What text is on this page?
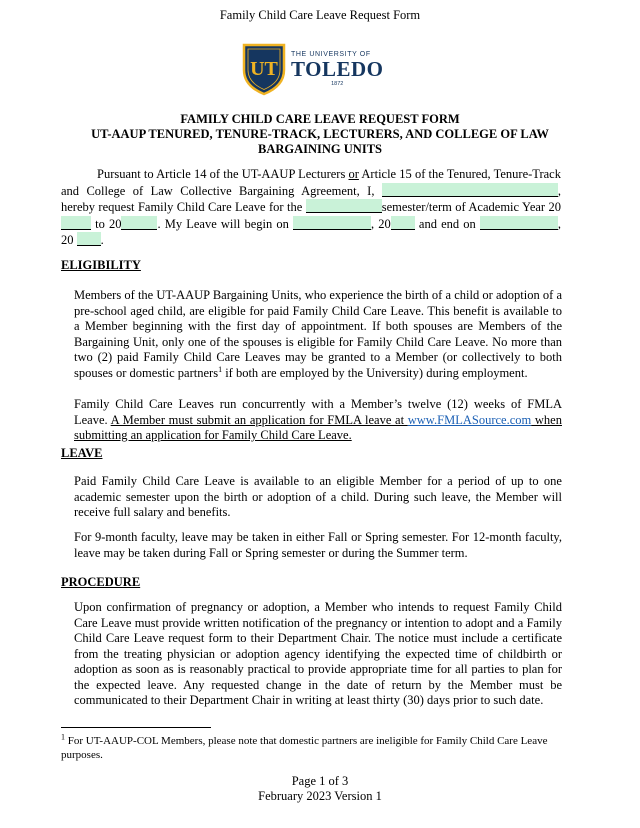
Family Child Care Leave Request Form
UT
THE UNIVERSITY OF
TOLEDO
1872
FAMILY CHILD CARE LEAVE REQUEST FORM
UT-AAUP TENURED, TENURE-TRACK, LECTURERS, AND COLLEGE OF LAW
BARGAINING UNITS
Pursuant to Article 14 of the UT-AAUP Lecturers or Article 15 of the Tenured, Tenure-Track and College of Law Collective Bargaining Agreement, I,	, hereby request Family Child Care Leave for the	semester/term of Academic Year 20 to 20	. My Leave will begin on	, 20 and end on	, 20 .
ELIGIBILITY
Members of the UT-AAUP Bargaining Units, who experience the birth of a child or adoption of a pre-school aged child, are eligible for paid Family Child Care Leave. This benefit is available to a Member beginning with the first day of appointment. If both spouses are Members of the Bargaining Unit, only one of the spouses is eligible for Family Child Care Leave. No more than two (2) paid Family Child Care Leaves may be granted to a Member (or collectively to both spouses or domestic partners$^1$ if both are employed by the University) during employment.
Family Child Care Leaves run concurrently with a Member’s twelve (12) weeks of FMLA Leave. A Member must submit an application for FMLA leave at www.FMLASource.com when submitting an application for Family Child Care Leave.
LEAVE
Paid Family Child Care Leave is available to an eligible Member for a period of up to one academic semester upon the birth or adoption of a child. During such leave, the Member will receive full salary and benefits.
For 9-month faculty, leave may be taken in either Fall or Spring semester. For 12-month faculty, leave may be taken during Fall or Spring semester or during the Summer term.
PROCEDURE
Upon confirmation of pregnancy or adoption, a Member who intends to request Family Child Care Leave must provide written notification of the pregnancy or intention to adopt and a Family Child Care Leave request form to their Department Chair. The notice must include a certificate from the treating physician or adoption agency identifying the expected time of childbirth or adoption as soon as is reasonably practical to provide appropriate time for all parties to plan for the expected leave. Any requested change in the date of return by the Member must be communicated to their Department Chair in writing at least thirty (30) days prior to such date.
$^1$ For UT-AAUP-COL Members, please note that domestic partners are ineligible for Family Child Care Leave purposes.
Page 1 of 3
February 2023 Version 1
